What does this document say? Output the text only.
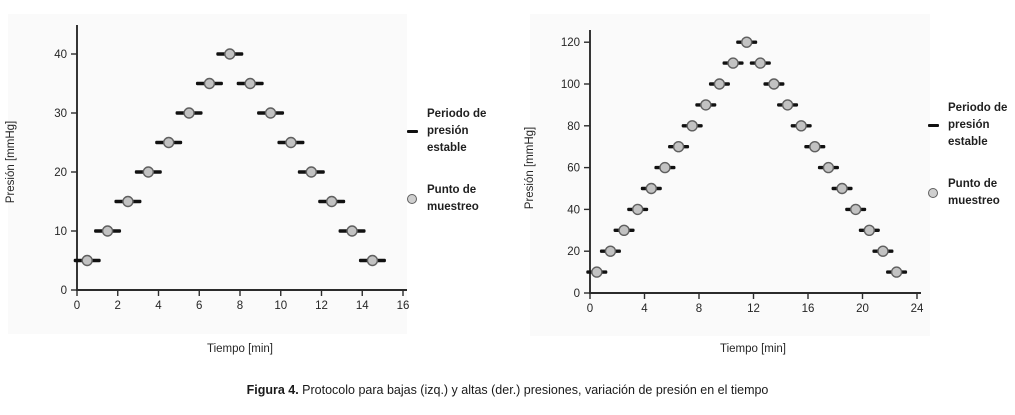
0
10
20
30
40
0	2	4	6	8	10 12 14 16
Tiempo [min]
Presión [mmHg]
0
20
40
60
80
100
120
0	4	8	12	16	20	24
Tiempo [min]
Presión [mmHg]
Periodo de
presión
estable
Punto de
muestreo
Periodo de
presión
estable
Punto de
muestreo
Figura 4. Protocolo para bajas (izq.) y altas (der.) presiones, variación de presión en el tiempo
